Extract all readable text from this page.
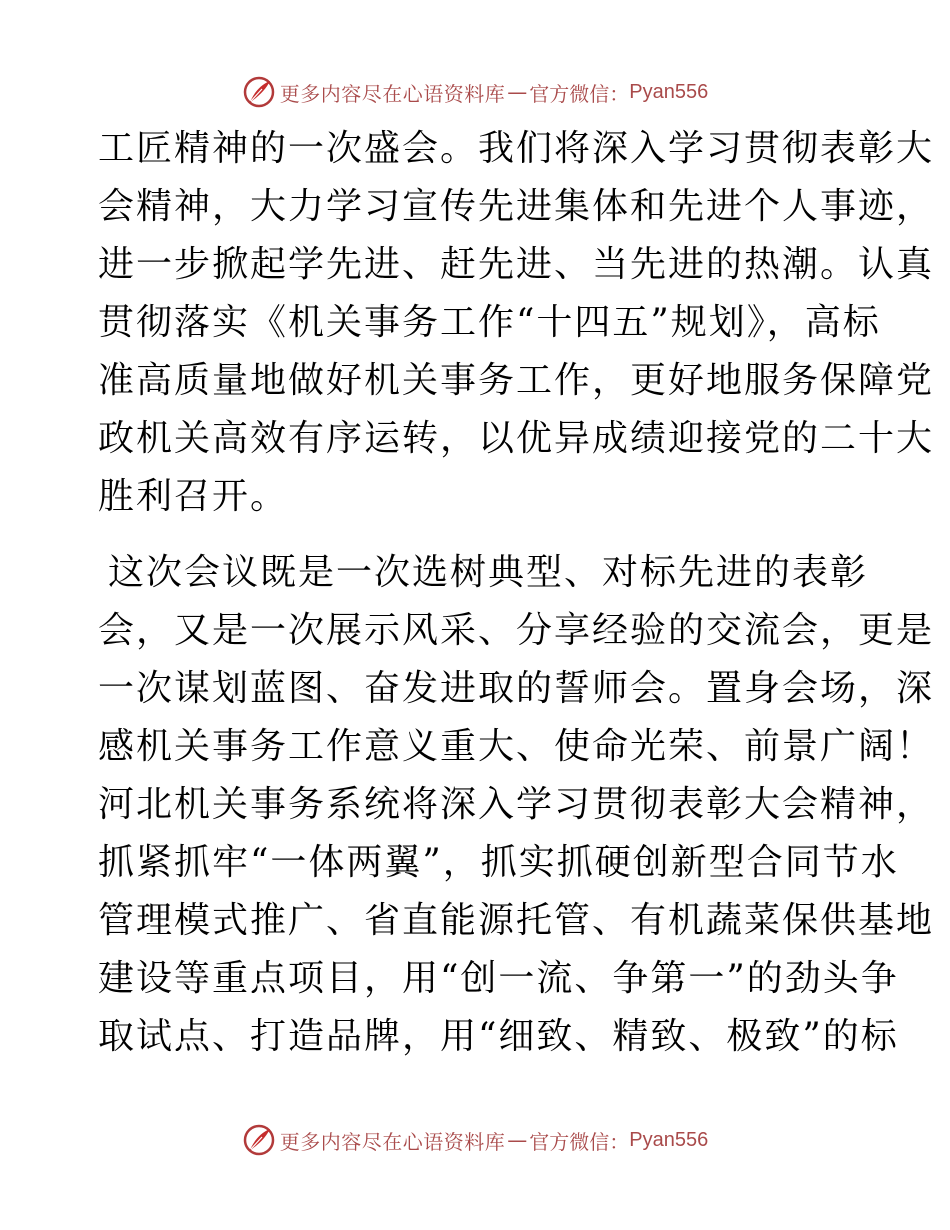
更多内容尽在心语资料库 — 官方微信： Pyan556
工匠精神的一次盛会。我们将深入学习贯彻表彰大
会精神，大力学习宣传先进集体和先进个人事迹，
进一步掀起学先进、赶先进、当先进的热潮。认真
贯彻落实《机关事务工作“十四五”规划》，高标
准高质量地做好机关事务工作，更好地服务保障党
政机关高效有序运转，以优异成绩迎接党的二十大
胜利召开。
这次会议既是一次选树典型、对标先进的表彰
会，又是一次展示风采、分享经验的交流会，更是
一次谋划蓝图、奋发进取的誓师会。置身会场，深
感机关事务工作意义重大、使命光荣、前景广阔！
河北机关事务系统将深入学习贯彻表彰大会精神，
抓紧抓牢“一体两翼”，抓实抓硬创新型合同节水
管理模式推广、省直能源托管、有机蔬菜保供基地
建设等重点项目，用“创一流、争第一”的劲头争
取试点、打造品牌，用“细致、精致、极致”的标
更多内容尽在心语资料库 — 官方微信： Pyan556
